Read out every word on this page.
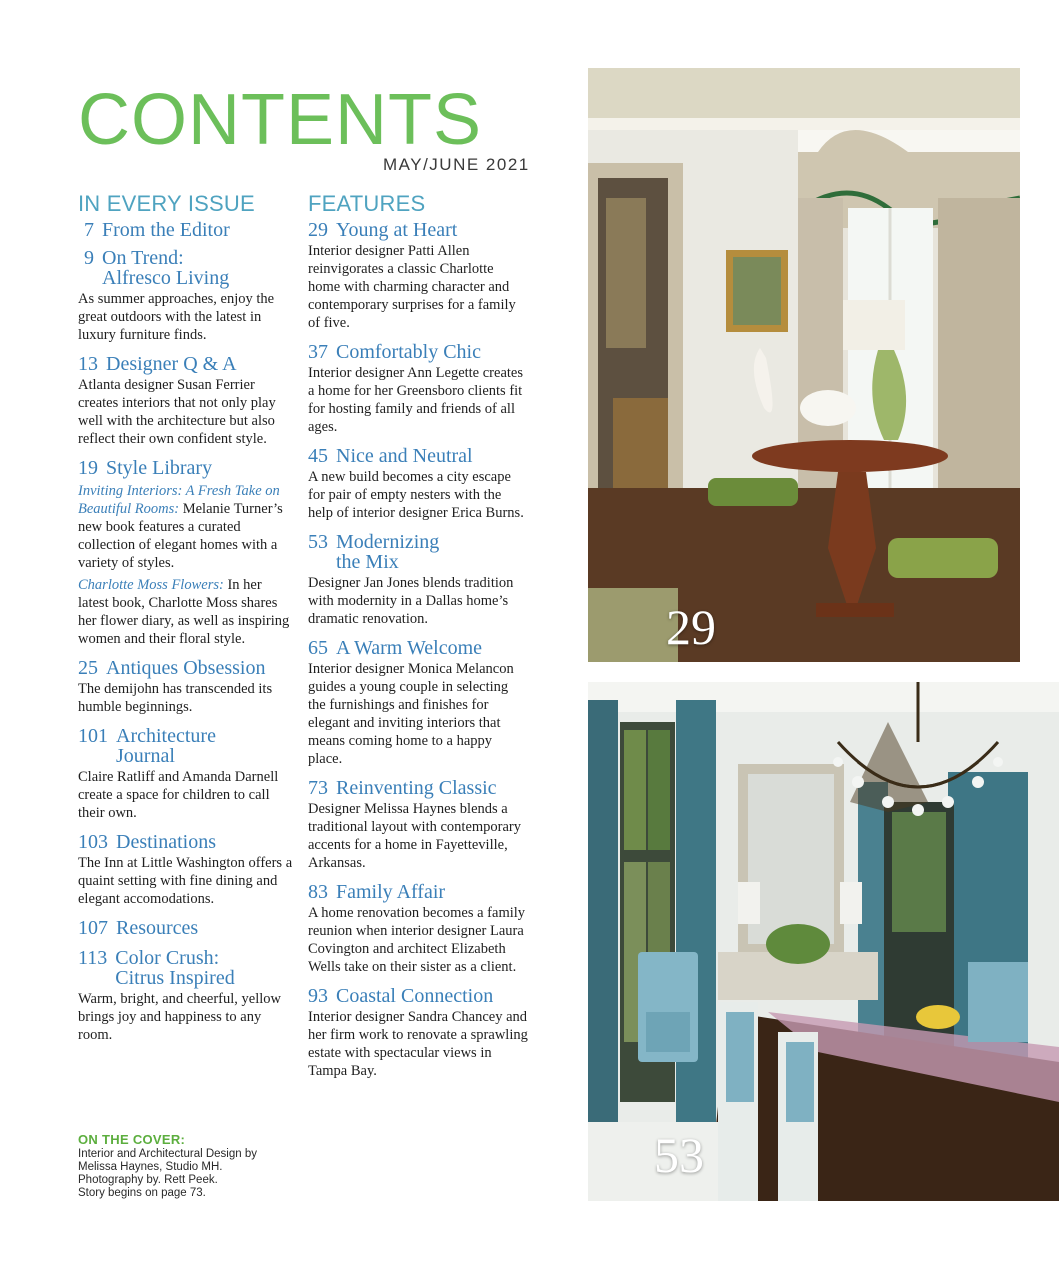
CONTENTS
MAY/JUNE 2021
IN EVERY ISSUE
7 From the Editor
9 On Trend:
Alfresco Living

As summer approaches, enjoy the great outdoors with the latest in luxury furniture finds.

13 Designer Q & A

Atlanta designer Susan Ferrier creates interiors that not only play well with the architecture but also reflect their own confident style.

19 Style Library

Inviting Interiors: A Fresh Take on Beautiful Rooms: Melanie Turner’s new book features a curated collection of elegant homes with a variety of styles.

Charlotte Moss Flowers: In her latest book, Charlotte Moss shares her flower diary, as well as inspiring women and their floral style.

25 Antiques Obsession

The demijohn has transcended its humble beginnings.

101 Architecture
Journal

Claire Ratliff and Amanda Darnell create a space for children to call their own.

103 Destinations

The Inn at Little Washington offers a quaint setting with fine dining and elegant accomodations.

107 Resources
113 Color Crush:
Citrus Inspired

Warm, bright, and cheerful, yellow brings joy and happiness to any room.

FEATURES
29 Young at Heart

Interior designer Patti Allen reinvigorates a classic Charlotte home with charming character and contemporary surprises for a family of five.

37 Comfortably Chic

Interior designer Ann Legette creates a home for her Greensboro clients fit for hosting family and friends of all ages.

45 Nice and Neutral

A new build becomes a city escape for pair of empty nesters with the help of interior designer Erica Burns.

53 Modernizing
the Mix

Designer Jan Jones blends tradition with modernity in a Dallas home’s dramatic renovation.

65 A Warm Welcome

Interior designer Monica Melancon guides a young couple in selecting the furnishings and finishes for elegant and inviting interiors that means coming home to a happy place.

73 Reinventing Classic

Designer Melissa Haynes blends a traditional layout with contemporary accents for a home in Fayetteville, Arkansas.

83 Family Affair

A home renovation becomes a family reunion when interior designer Laura Covington and architect Elizabeth Wells take on their sister as a client.

93 Coastal Connection

Interior designer Sandra Chancey and her firm work to renovate a sprawling estate with spectacular views in Tampa Bay.

ON THE COVER:
Interior and Architectural Design by
Melissa Haynes, Studio MH.
Photography by. Rett Peek.
Story begins on page 73.
29
53
